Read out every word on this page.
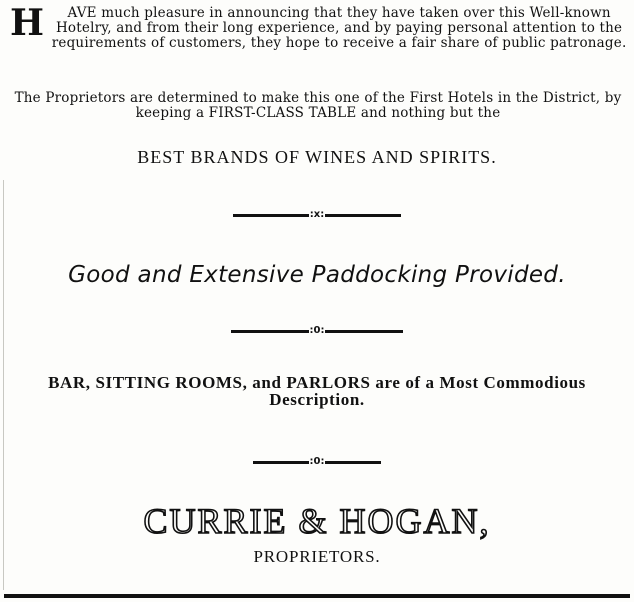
H AVE much pleasure in announcing that they have taken over this Well-known Hotelry, and from their long experience, and by paying personal attention to the requirements of customers, they hope to receive a fair share of public patronage.

The Proprietors are determined to make this one of the First Hotels in the District, by keeping a FIRST-CLASS TABLE and nothing but the

BEST BRANDS OF WINES AND SPIRITS.
:x:
Good and Extensive Paddocking Provided.
:0:
BAR, SITTING ROOMS, and PARLORS are of a Most Commodious Description.
:0:
CURRIE & HOGAN,
PROPRIETORS.
